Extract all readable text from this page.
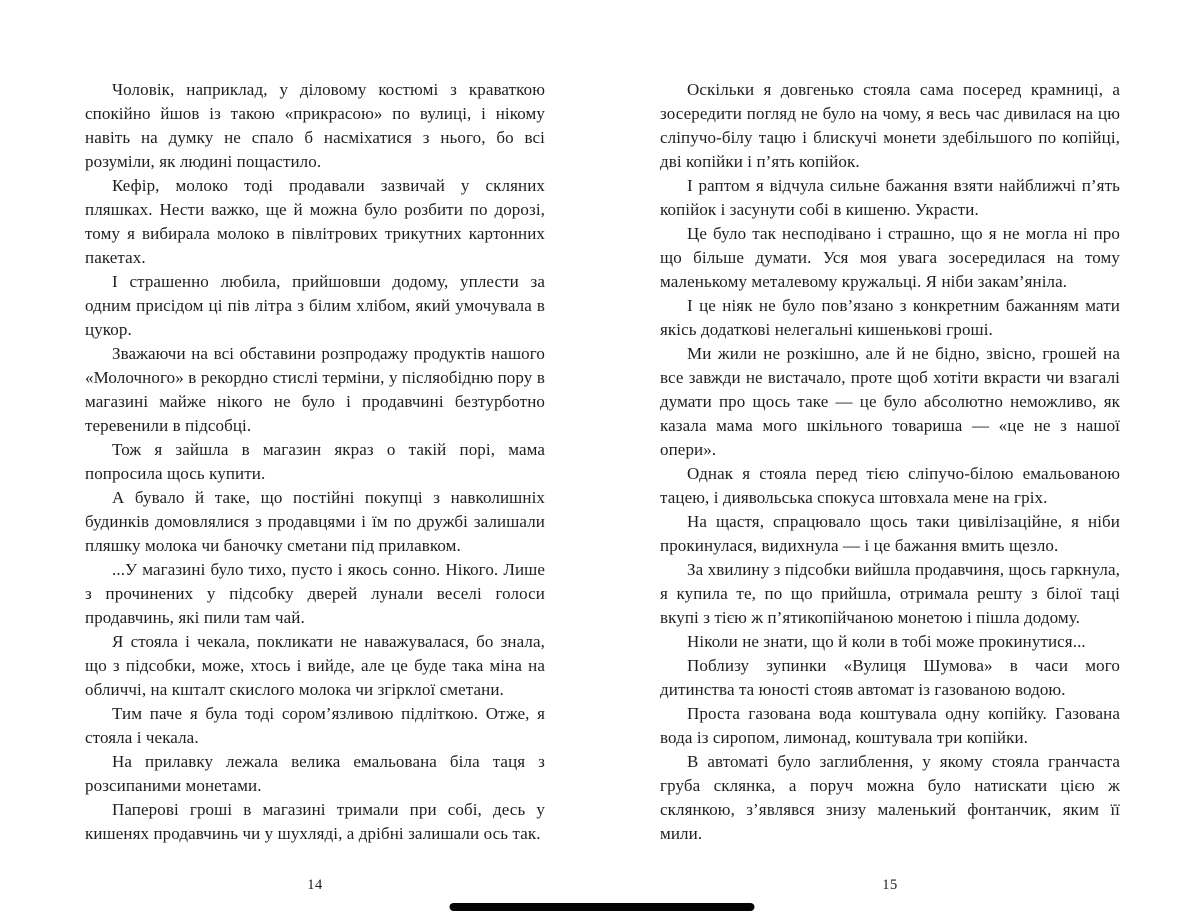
Чоловік, наприклад, у діловому костюмі з краваткою спокійно йшов із такою «прикрасою» по вулиці, і нікому навіть на думку не спало б насміхатися з нього, бо всі розуміли, як людині пощастило.

Кефір, молоко тоді продавали зазвичай у скляних пляшках. Нести важко, ще й можна було розбити по дорозі, тому я вибирала молоко в півлітрових трикутних картонних пакетах.

І страшенно любила, прийшовши додому, уплести за одним присідом ці пів літра з білим хлібом, який умочувала в цукор.

Зважаючи на всі обставини розпродажу продуктів нашого «Молочного» в рекордно стислі терміни, у післяобідню пору в магазині майже нікого не було і продавчині безтурботно теревенили в підсобці.

Тож я зайшла в магазин якраз о такій порі, мама попросила щось купити.

А бувало й таке, що постійні покупці з навколишніх будинків домовлялися з продавцями і їм по дружбі залишали пляшку молока чи баночку сметани під прилавком.

...У магазині було тихо, пусто і якось сонно. Нікого. Лише з прочинених у підсобку дверей лунали веселі голоси продавчинь, які пили там чай.

Я стояла і чекала, покликати не наважувалася, бо знала, що з підсобки, може, хтось і вийде, але це буде така міна на обличчі, на кшталт скислого молока чи згірклої сметани.

Тим паче я була тоді сором’язливою підліткою. Отже, я стояла і чекала.

На прилавку лежала велика емальована біла таця з розсипаними монетами.

Паперові гроші в магазині тримали при собі, десь у кишенях продавчинь чи у шухляді, а дрібні залишали ось так.

14

Оскільки я довгенько стояла сама посеред крамниці, а зосередити погляд не було на чому, я весь час дивилася на цю сліпучо-білу тацю і блискучі монети здебільшого по копійці, дві копійки і п’ять копійок.

І раптом я відчула сильне бажання взяти найближчі п’ять копійок і засунути собі в кишеню. Украсти.

Це було так несподівано і страшно, що я не могла ні про що більше думати. Уся моя увага зосередилася на тому маленькому металевому кружальці. Я ніби закам’яніла.

І це ніяк не було пов’язано з конкретним бажанням мати якісь додаткові нелегальні кишенькові гроші.

Ми жили не розкішно, але й не бідно, звісно, грошей на все завжди не вистачало, проте щоб хотіти вкрасти чи взагалі думати про щось таке — це було абсолютно неможливо, як казала мама мого шкільного товариша — «це не з нашої опери».

Однак я стояла перед тією сліпучо-білою емальованою тацею, і диявольська спокуса штовхала мене на гріх.

На щастя, спрацювало щось таки цивілізаційне, я ніби прокинулася, видихнула — і це бажання вмить щезло.

За хвилину з підсобки вийшла продавчиня, щось гаркнула, я купила те, по що прийшла, отримала решту з білої таці вкупі з тією ж п’ятикопійчаною монетою і пішла додому.

Ніколи не знати, що й коли в тобі може прокинутися...

Поблизу зупинки «Вулиця Шумова» в часи мого дитинства та юності стояв автомат із газованою водою.

Проста газована вода коштувала одну копійку. Газована вода із сиропом, лимонад, коштувала три копійки.

В автоматі було заглиблення, у якому стояла гранчаста груба склянка, а поруч можна було натискати цією ж склянкою, з’являвся знизу маленький фонтанчик, яким її мили.

15
